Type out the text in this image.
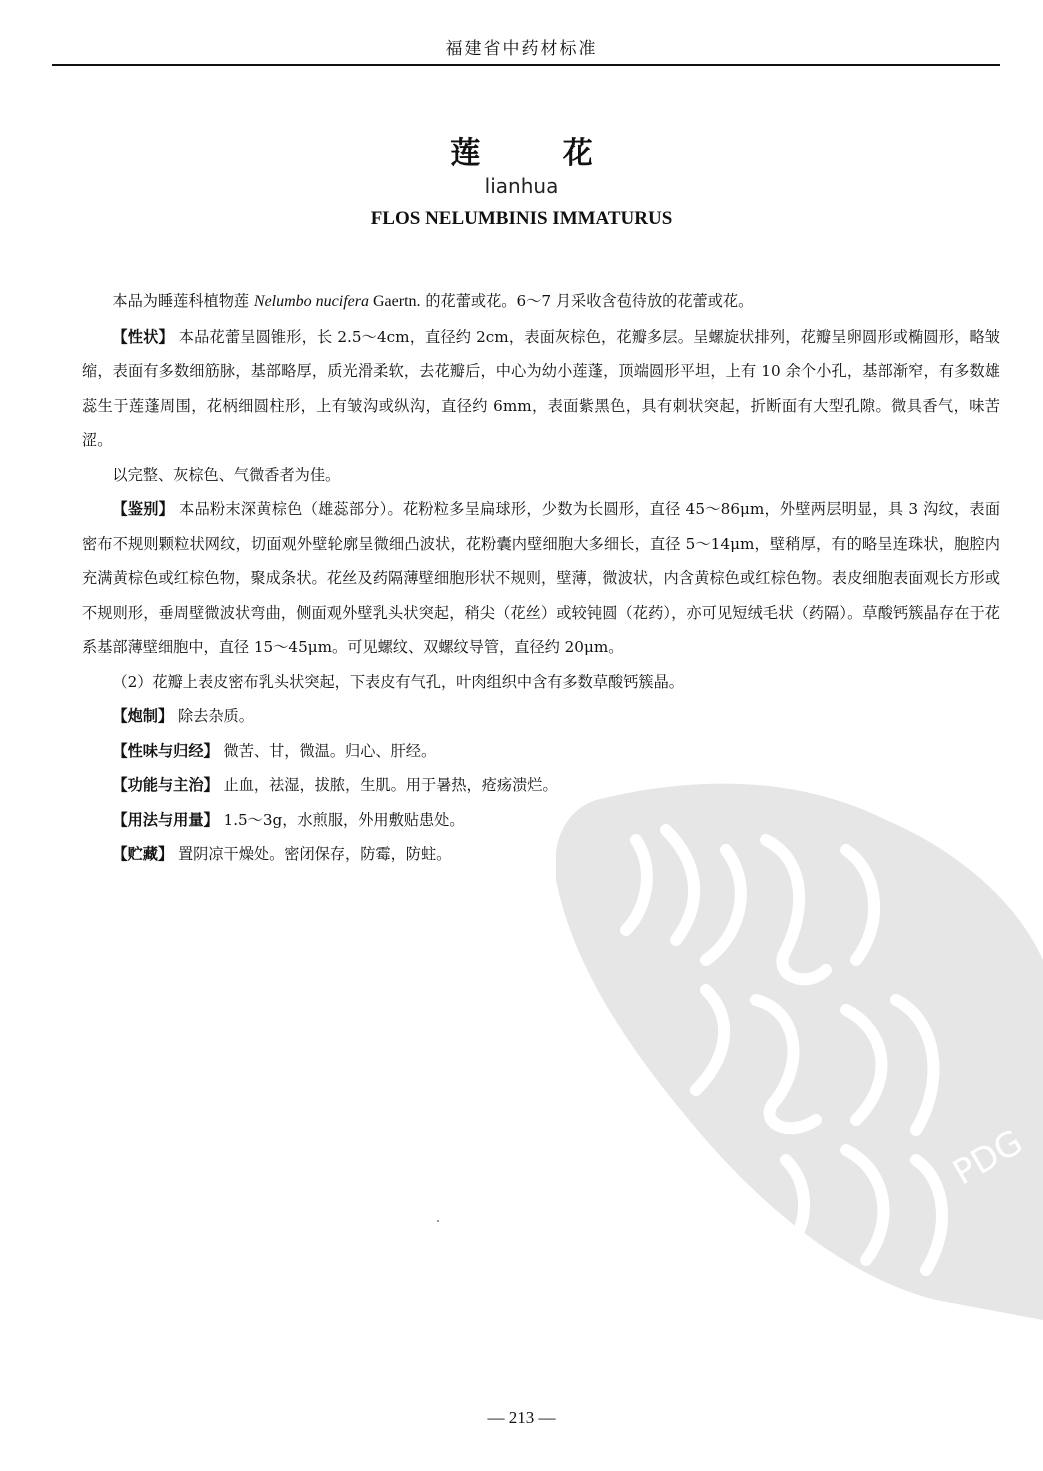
福建省中药材标准
莲 花
lianhua
FLOS NELUMBINIS IMMATURUS
PDG

本品为睡莲科植物莲 Nelumbo nucifera Gaertn. 的花蕾或花。6～7 月采收含苞待放的花蕾或花。

【性状】 本品花蕾呈圆锥形，长 2.5～4cm，直径约 2cm，表面灰棕色，花瓣多层。呈螺旋状排列，花瓣呈卵圆形或椭圆形，略皱缩，表面有多数细筋脉，基部略厚，质光滑柔软，去花瓣后，中心为幼小莲蓬，顶端圆形平坦，上有 10 余个小孔，基部渐窄，有多数雄蕊生于莲蓬周围，花柄细圆柱形，上有皱沟或纵沟，直径约 6mm，表面紫黑色，具有刺状突起，折断面有大型孔隙。微具香气，味苦涩。

以完整、灰棕色、气微香者为佳。

【鉴别】 本品粉末深黄棕色（雄蕊部分）。花粉粒多呈扁球形，少数为长圆形，直径 45～86μm，外壁两层明显，具 3 沟纹，表面密布不规则颗粒状网纹，切面观外壁轮廓呈微细凸波状，花粉囊内壁细胞大多细长，直径 5～14μm，壁稍厚，有的略呈连珠状，胞腔内充满黄棕色或红棕色物，聚成条状。花丝及药隔薄壁细胞形状不规则，壁薄，微波状，内含黄棕色或红棕色物。表皮细胞表面观长方形或不规则形，垂周壁微波状弯曲，侧面观外壁乳头状突起，稍尖（花丝）或较钝圆（花药），亦可见短绒毛状（药隔）。草酸钙簇晶存在于花系基部薄壁细胞中，直径 15～45μm。可见螺纹、双螺纹导管，直径约 20μm。

（2）花瓣上表皮密布乳头状突起，下表皮有气孔，叶肉组织中含有多数草酸钙簇晶。

【炮制】 除去杂质。

【性味与归经】 微苦、甘，微温。归心、肝经。

【功能与主治】 止血，祛湿，拔脓，生肌。用于暑热，疮疡溃烂。

【用法与用量】 1.5～3g，水煎服，外用敷贴患处。

【贮藏】 置阴凉干燥处。密闭保存，防霉，防蛀。

— 213 —
